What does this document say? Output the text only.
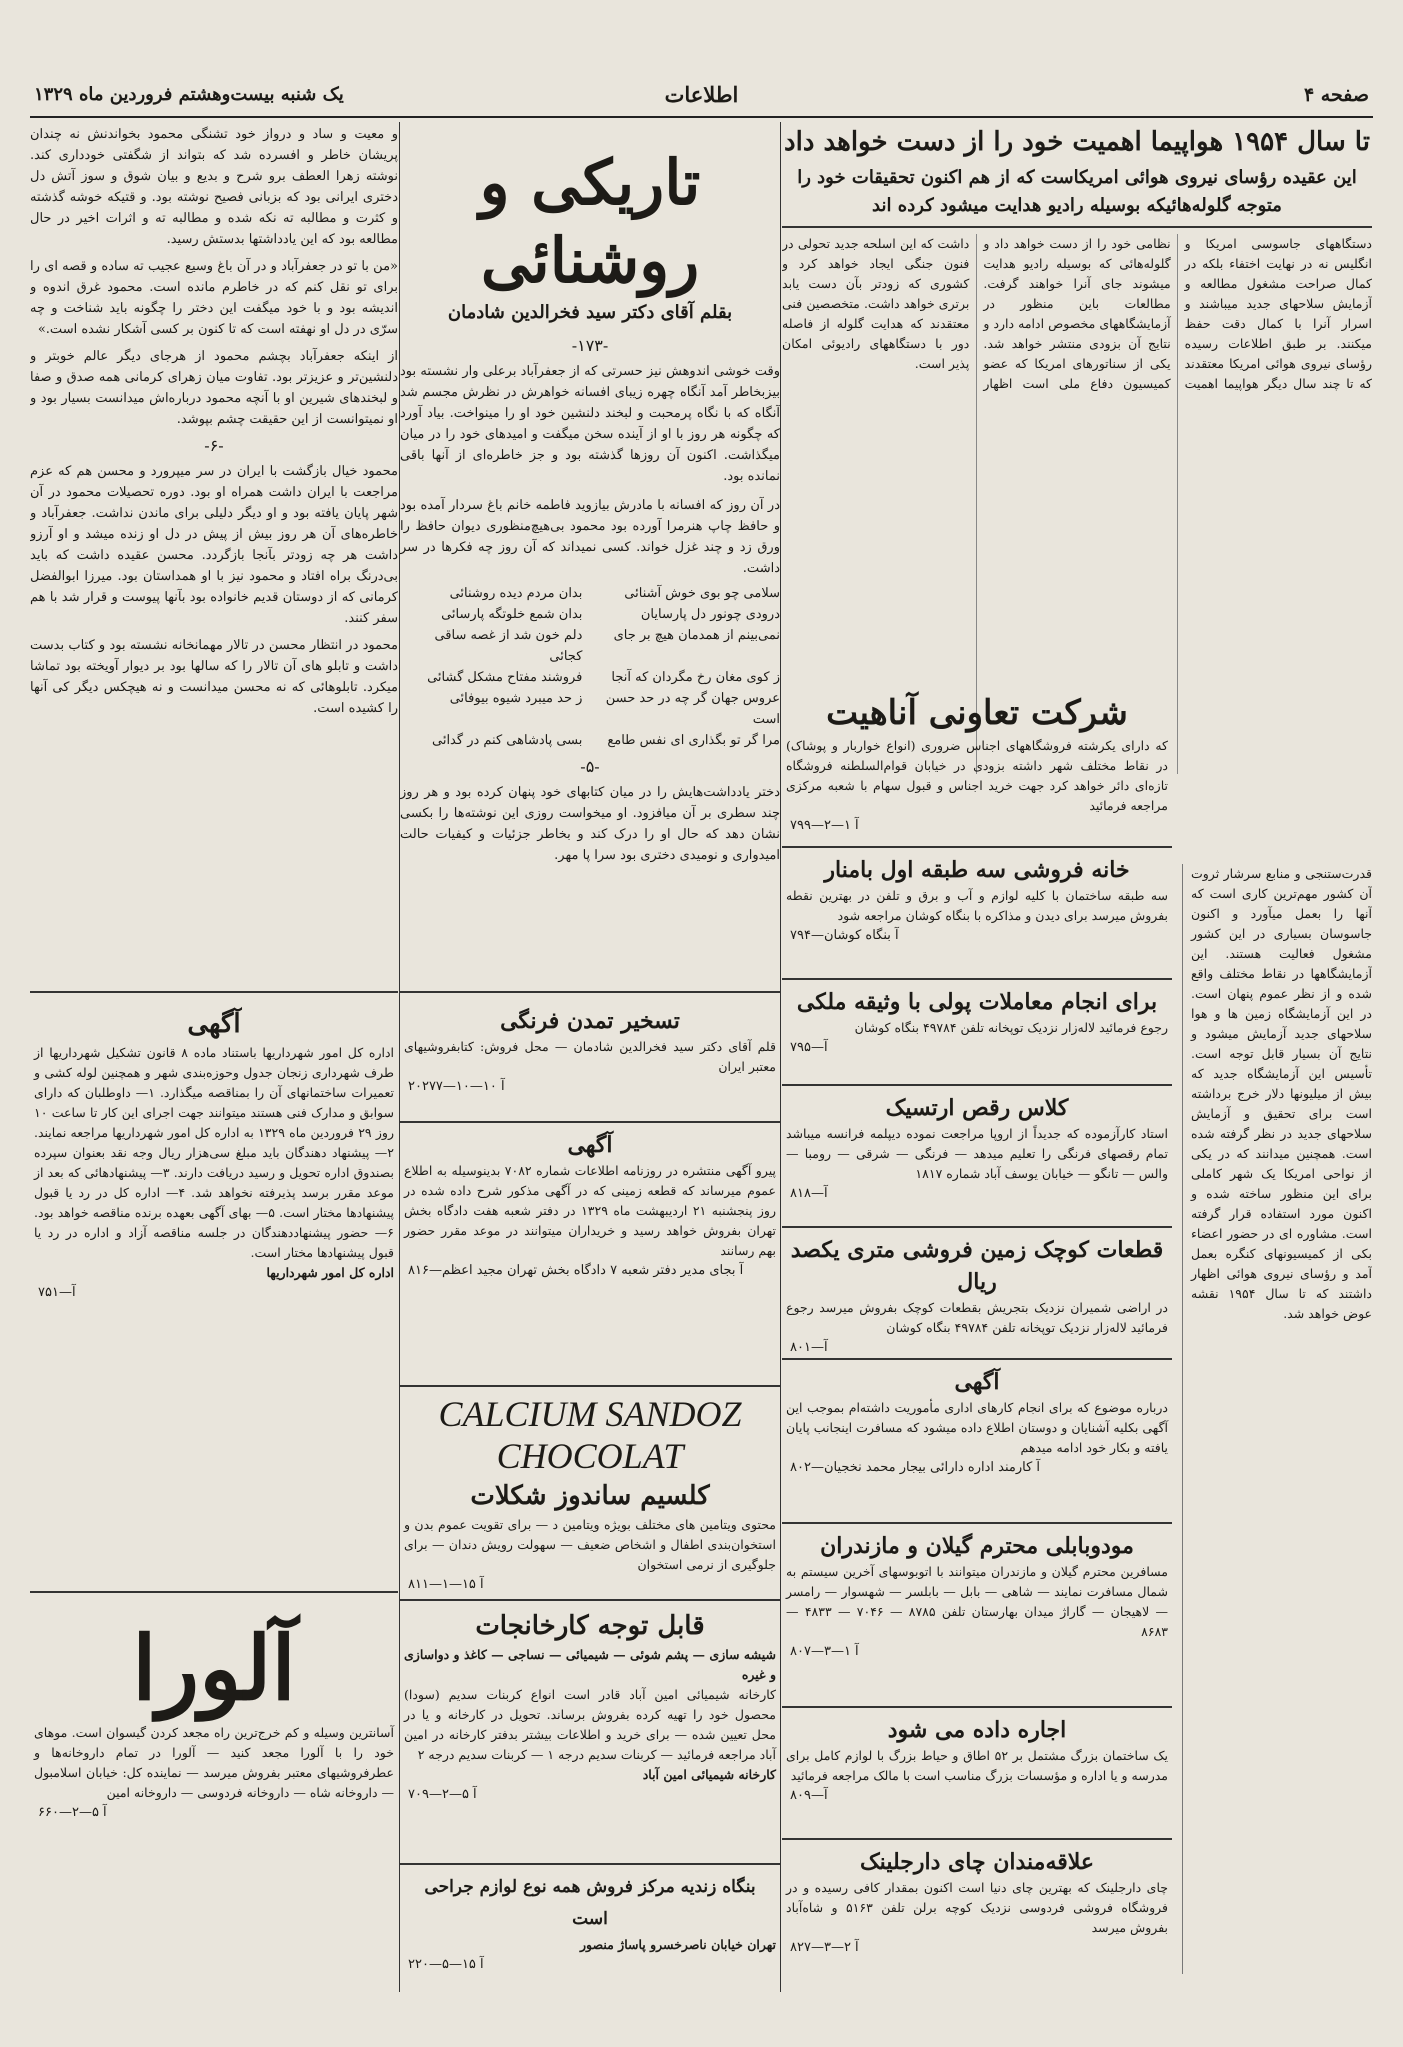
صفحه ۴
اطلاعات
یک شنبه بیست‌وهشتم فروردین ماه ۱۳۲۹
تا سال ۱۹۵۴ هواپیما اهمیت خود را از دست خواهد داد
این عقیده رؤسای نیروی هوائی امریکاست که از هم اکنون تحقیقات خود را متوجه گلوله‌هائیکه بوسیله رادیو هدایت میشود کرده اند
دستگاههای جاسوسی امریکا و انگلیس نه در نهایت اختفاء بلکه در کمال صراحت مشغول مطالعه و آزمایش سلاحهای جدید میباشند و اسرار آنرا با کمال دقت حفظ میکنند. بر طبق اطلاعات رسیده رؤسای نیروی هوائی امریکا معتقدند که تا چند سال دیگر هواپیما اهمیت نظامی خود را از دست خواهد داد و گلوله‌هائی که بوسیله رادیو هدایت میشوند جای آنرا خواهند گرفت. مطالعات باین منظور در آزمایشگاههای مخصوص ادامه دارد و نتایج آن بزودی منتشر خواهد شد. یکی از سناتورهای امریکا که عضو کمیسیون دفاع ملی است اظهار داشت که این اسلحه جدید تحولی در فنون جنگی ایجاد خواهد کرد و کشوری که زودتر بآن دست یابد برتری خواهد داشت. متخصصین فنی معتقدند که هدایت گلوله از فاصله دور با دستگاههای رادیوئی امکان پذیر است.
قدرت‌ستنجی و منابع سرشار ثروت آن کشور مهم‌ترین کاری است که آنها را بعمل میآورد و اکنون جاسوسان بسیاری در این کشور مشغول فعالیت هستند. این آزمایشگاهها در نقاط مختلف واقع شده و از نظر عموم پنهان است. در این آزمایشگاه زمین ها و هوا سلاحهای جدید آزمایش میشود و نتایج آن بسیار قابل توجه است. تأسیس این آزمایشگاه جدید که بیش از میلیونها دلار خرج برداشته است برای تحقیق و آزمایش سلاحهای جدید در نظر گرفته شده است. همچنین میدانند که در یکی از نواحی امریکا یک شهر کاملی برای این منظور ساخته شده و اکنون مورد استفاده قرار گرفته است. مشاوره ای در حضور اعضاء بکی از کمیسیونهای کنگره بعمل آمد و رؤسای نیروی هوائی اظهار داشتند که تا سال ۱۹۵۴ نقشه عوض خواهد شد.
شرکت تعاونی آناهیت
که دارای یکرشته فروشگاههای اجناس ضروری (انواع خواربار و پوشاک) در نقاط مختلف شهر داشته بزودی در خیابان قوام‌السلطنه فروشگاه تازه‌ای دائر خواهد کرد جهت خرید اجناس و قبول سهام با شعبه مرکزی مراجعه فرمائید
۷۹۹—آ ۱—۲
خانه فروشی سه طبقه اول بامنار
سه طبقه ساختمان با کلیه لوازم و آب و برق و تلفن در بهترین نقطه بفروش میرسد برای دیدن و مذاکره با بنگاه کوشان مراجعه شود
۷۹۴—آ بنگاه کوشان
برای انجام معاملات پولی با وثیقه ملکی
رجوع فرمائید لاله‌زار نزدیک توپخانه تلفن ۴۹۷۸۴ بنگاه کوشان
۷۹۵—آ
کلاس رقص ارتسیک
استاد کارآزموده که جدیداً از اروپا مراجعت نموده دیپلمه فرانسه میباشد تمام رقصهای فرنگی را تعلیم میدهد — فرنگی — شرقی — رومبا — والس — تانگو — خیابان یوسف آباد شماره ۱۸۱۷
۸۱۸—آ
قطعات کوچک زمین فروشی متری یکصد ریال
در اراضی شمیران نزدیک بتجریش بقطعات کوچک بفروش میرسد رجوع فرمائید لاله‌زار نزدیک توپخانه تلفن ۴۹۷۸۴ بنگاه کوشان
۸۰۱—آ
آگهی
درباره موضوع که برای انجام کارهای اداری مأموریت داشته‌ام بموجب این آگهی بکلیه آشنایان و دوستان اطلاع داده میشود که مسافرت اینجانب پایان یافته و بکار خود ادامه میدهم
۸۰۲—آ کارمند اداره دارائی بیجار محمد نخجیان
مودوبابلی محترم گیلان و مازندران
مسافرین محترم گیلان و مازندران میتوانند با اتوبوسهای آخرین سیستم به شمال مسافرت نمایند — شاهی — بابل — بابلسر — شهسوار — رامسر — لاهیجان — گاراژ میدان بهارستان تلفن ۸۷۸۵ — ۷۰۴۶ — ۴۸۳۳ — ۸۶۸۳
۸۰۷—آ ۱—۳
اجاره داده می شود
یک ساختمان بزرگ مشتمل بر ۵۲ اطاق و حیاط بزرگ با لوازم کامل برای مدرسه و یا اداره و مؤسسات بزرگ مناسب است با مالک مراجعه فرمائید
۸۰۹—آ
علاقه‌مندان چای دارجلینک
چای دارجلینک که بهترین چای دنیا است اکنون بمقدار کافی رسیده و در فروشگاه فروشی فردوسی نزدیک کوچه برلن تلفن ۵۱۶۳ و شاه‌آباد بفروش میرسد
۸۲۷—آ ۲—۳
تاریکی و روشنائی
بقلم آقای دکتر سید فخرالدین شادمان
-۱۷۳-
وقت خوشی اندوهش نیز حسرتی که از جعفرآباد برعلی وار نشسته بود بیزبخاطر آمد آنگاه چهره زیبای افسانه خواهرش در نظرش مجسم شد آنگاه که با نگاه پرمحبت و لبخند دلنشین خود او را مینواخت. بیاد آورد که چگونه هر روز با او از آینده سخن میگفت و امیدهای خود را در میان میگذاشت. اکنون آن روزها گذشته بود و جز خاطره‌ای از آنها باقی نمانده بود.
در آن روز که افسانه با مادرش بیازوید فاطمه خانم باغ سردار آمده بود و حافظ چاپ هنرمرا آورده بود محمود بی‌هیچ‌منظوری دیوان حافظ را ورق زد و چند غزل خواند. کسی نمیداند که آن روز چه فکرها در سر داشت.
سلامی چو بوی خوش آشنائی
بدان مردم دیده روشنائی
درودی چونور دل پارسایان
بدان شمع خلوتگه پارسائی
نمی‌بینم از همدمان هیچ بر جای
دلم خون شد از غصه ساقی کجائی
ز کوی مغان رخ مگردان که آنجا
فروشند مفتاح مشکل گشائی
عروس جهان گر چه در حد حسن است
ز حد میبرد شیوه بیوفائی
مرا گر تو بگذاری ای نفس طامع
بسی پادشاهی کنم در گدائی
-۵-
دختر یادداشت‌هایش را در میان کتابهای خود پنهان کرده بود و هر روز چند سطری بر آن میافزود. او میخواست روزی این نوشته‌ها را بکسی نشان دهد که حال او را درک کند و بخاطر جزئیات و کیفیات حالت امیدواری و نومیدی دختری بود سرا پا مهر.
تسخیر تمدن فرنگی
قلم آقای دکتر سید فخرالدین شادمان — محل فروش: کتابفروشیهای معتبر ایران
۲۰۲۷۷—آ ۱۰—۱۰
آگهی
پیرو آگهی منتشره در روزنامه اطلاعات شماره ۷۰۸۲ بدینوسیله به اطلاع عموم میرساند که قطعه زمینی که در آگهی مذکور شرح داده شده در روز پنجشنبه ۲۱ اردیبهشت ماه ۱۳۲۹ در دفتر شعبه هفت دادگاه بخش تهران بفروش خواهد رسید و خریداران میتوانند در موعد مقرر حضور بهم رسانند
۸۱۶—آ بجای مدیر دفتر شعبه ۷ دادگاه بخش تهران مجید اعظم
CALCIUM SANDOZ CHOCOLAT
کلسیم ساندوز شکلات
محتوی ویتامین های مختلف بویژه ویتامین د — برای تقویت عموم بدن و استخوان‌بندی اطفال و اشخاص ضعیف — سهولت رویش دندان — برای جلوگیری از نرمی استخوان
۸۱۱—آ ۱۵—۱
قابل توجه کارخانجات
شیشه سازی — پشم شوئی — شیمیائی — نساجی — کاغذ و دواسازی و غیره
کارخانه شیمیائی امین آباد قادر است انواع کربنات سدیم (سودا) محصول خود را تهیه کرده بفروش برساند. تحویل در کارخانه و یا در محل تعیین شده — برای خرید و اطلاعات بیشتر بدفتر کارخانه در امین آباد مراجعه فرمائید — کربنات سدیم درجه ۱ — کربنات سدیم درجه ۲
کارخانه شیمیائی امین آباد
۷۰۹—آ ۵—۲
بنگاه زندیه مرکز فروش همه نوع لوازم جراحی است
تهران خیابان ناصرخسرو پاساژ منصور
۲۲۰—آ ۱۵—۵
و معیت و ساد و درواز خود تشنگی محمود بخواندنش نه چندان پریشان خاطر و افسرده شد که بتواند از شگفتی خودداری کند. نوشته زهرا العطف برو شرح و بدیع و بیان شوق و سوز آتش دل دختری ایرانی بود که بزبانی فصیح نوشته بود. و قتیکه خوشه گذشته و کثرت و مطالبه ته نکه شده و مطالبه ته و اثرات اخیر در حال مطالعه بود که این یادداشتها بدستش رسید.
«من با تو در جعفرآباد و در آن باغ وسیع عجیب ته ساده و قصه ای را برای تو نقل کنم که در خاطرم مانده است. محمود غرق اندوه و اندیشه بود و با خود میگفت این دختر را چگونه باید شناخت و چه سرّی در دل او نهفته است که تا کنون بر کسی آشکار نشده است.»
از اینکه جعفرآباد بچشم محمود از هرجای دیگر عالم خوبتر و دلنشین‌تر و عزیزتر بود. تفاوت میان زهرای کرمانی همه صدق و صفا و لبخندهای شیرین او با آنچه محمود درباره‌اش میدانست بسیار بود و او نمیتوانست از این حقیقت چشم بپوشد.
-۶-
محمود خیال بازگشت با ایران در سر میپرورد و محسن هم که عزم مراجعت با ایران داشت همراه او بود. دوره تحصیلات محمود در آن شهر پایان یافته بود و او دیگر دلیلی برای ماندن نداشت. جعفرآباد و خاطره‌های آن هر روز بیش از پیش در دل او زنده میشد و او آرزو داشت هر چه زودتر بآنجا بازگردد. محسن عقیده داشت که باید بی‌درنگ براه افتاد و محمود نیز با او همداستان بود. میرزا ابوالفضل کرمانی که از دوستان قدیم خانواده بود بآنها پیوست و قرار شد با هم سفر کنند.
محمود در انتظار محسن در تالار مهمانخانه نشسته بود و کتاب بدست داشت و تابلو های آن تالار را که سالها بود بر دیوار آویخته بود تماشا میکرد. تابلوهائی که نه محسن میدانست و نه هیچکس دیگر کی آنها را کشیده است.
آگهی
اداره کل امور شهرداریها باستناد ماده ۸ قانون تشکیل شهرداریها از طرف شهرداری زنجان جدول وحوزه‌بندی شهر و همچنین لوله کشی و تعمیرات ساختمانهای آن را بمناقصه میگذارد. ۱— داوطلبان که دارای سوابق و مدارک فنی هستند میتوانند جهت اجرای این کار تا ساعت ۱۰ روز ۲۹ فروردین ماه ۱۳۲۹ به اداره کل امور شهرداریها مراجعه نمایند. ۲— پیشنهاد دهندگان باید مبلغ سی‌هزار ریال وجه نقد بعنوان سپرده بصندوق اداره تحویل و رسید دریافت دارند. ۳— پیشنهادهائی که بعد از موعد مقرر برسد پذیرفته نخواهد شد. ۴— اداره کل در رد یا قبول پیشنهادها مختار است. ۵— بهای آگهی بعهده برنده مناقصه خواهد بود. ۶— حضور پیشنهاددهندگان در جلسه مناقصه آزاد و اداره در رد یا قبول پیشنهادها مختار است.
اداره کل امور شهرداریها
۷۵۱—آ
آلورا
آسانترین وسیله و کم خرج‌ترین راه مجعد کردن گیسوان است. موهای خود را با آلورا مجعد کنید — آلورا در تمام داروخانه‌ها و عطرفروشیهای معتبر بفروش میرسد — نماینده کل: خیابان اسلامبول — داروخانه شاه — داروخانه فردوسی — داروخانه امین
۶۶۰—آ ۵—۲
